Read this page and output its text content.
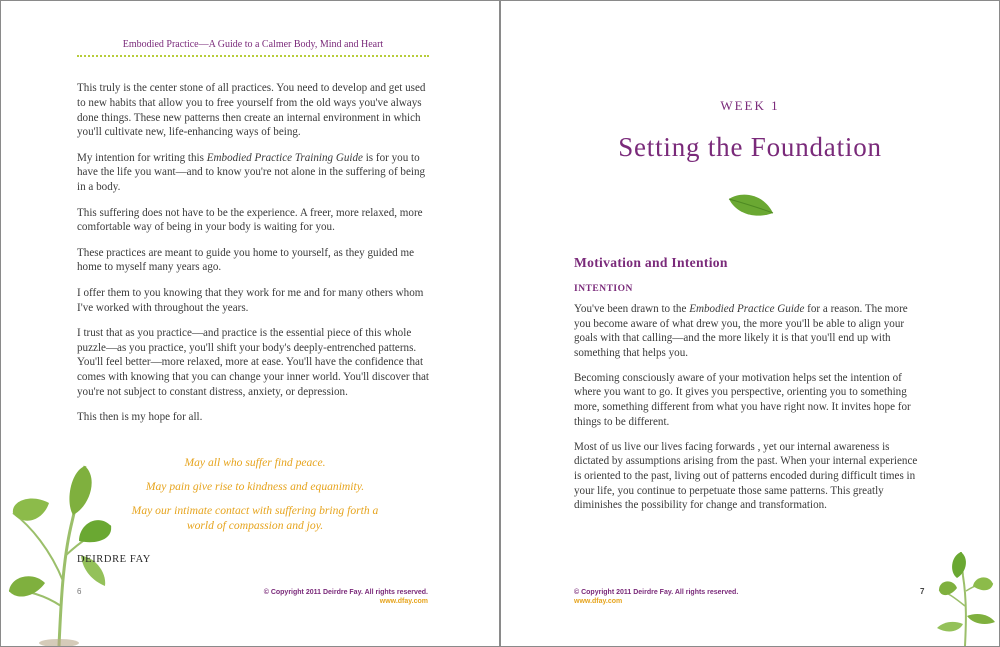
Embodied Practice—A Guide to a Calmer Body, Mind and Heart

This truly is the center stone of all practices. You need to develop and get used to new habits that allow you to free yourself from the old ways you've always done things. These new patterns then create an internal environment in which you'll cultivate new, life-enhancing ways of being.

My intention for writing this Embodied Practice Training Guide is for you to have the life you want—and to know you're not alone in the suffering of being in a body.

This suffering does not have to be the experience. A freer, more relaxed, more comfortable way of being in your body is waiting for you.

These practices are meant to guide you home to yourself, as they guided me home to myself many years ago.

I offer them to you knowing that they work for me and for many others whom I've worked with throughout the years.

I trust that as you practice—and practice is the essential piece of this whole puzzle—as you practice, you'll shift your body's deeply-entrenched patterns. You'll feel better—more relaxed, more at ease. You'll have the confidence that comes with knowing that you can change your inner world. You'll discover that you're not subject to constant distress, anxiety, or depression.

This then is my hope for all.

May all who suffer find peace.

May pain give rise to kindness and equanimity.

May our intimate contact with suffering bring forth a world of compassion and joy.

DEIRDRE FAY
6	© Copyright 2011 Deirdre Fay. All rights reserved.
www.dfay.com
WEEK 1
Setting the Foundation
Motivation and Intention
INTENTION

You've been drawn to the Embodied Practice Guide for a reason. The more you become aware of what drew you, the more you'll be able to align your goals with that calling—and the more likely it is that you'll end up with something that helps you.

Becoming consciously aware of your motivation helps set the intention of where you want to go. It gives you perspective, orienting you to something more, something different from what you have right now. It invites hope for things to be different.

Most of us live our lives facing forwards , yet our internal awareness is dictated by assumptions arising from the past. When your internal experience is oriented to the past, living out of patterns encoded during difficult times in your life, you continue to perpetuate those same patterns. This greatly diminishes the possibility for change and transformation.

© Copyright 2011 Deirdre Fay. All rights reserved.
www.dfay.com
7
